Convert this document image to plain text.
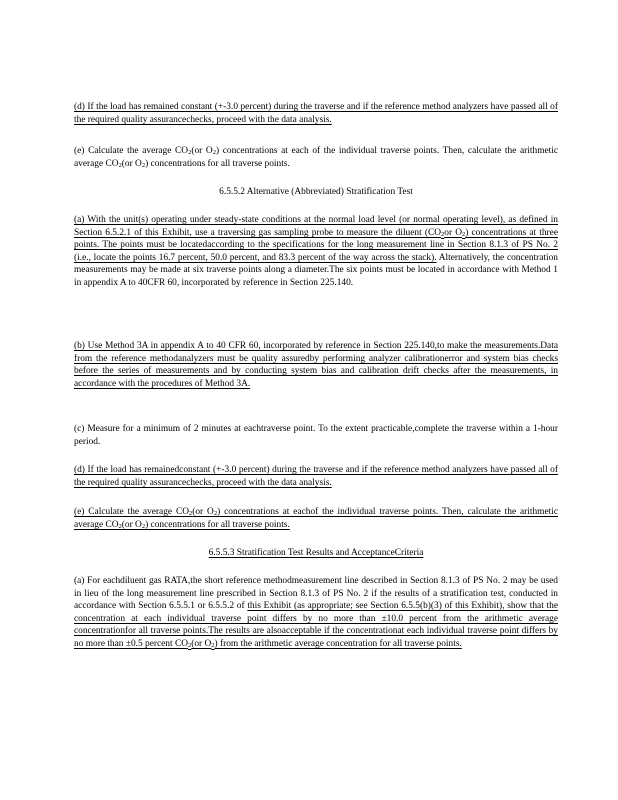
(d) If the load has remained constant (+-3.0 percent) during the traverse and if the reference method analyzers have passed all of the required quality assurancechecks, proceed with the data analysis.
(e) Calculate the average $CO_2(or$ $O_2$) concentrations at each of the individual traverse points. Then, calculate the arithmetic average $CO_2(or$ $O_2$) concentrations for all traverse points.
6.5.5.2 Alternative (Abbreviated) Stratification Test
(a) With the unit(s) operating under steady-state conditions at the normal load level (or normal operating level), as defined in Section 6.5.2.1 of this Exhibit, use a traversing gas sampling probe to measure the diluent ($CO_2or$ $O_2$) concentrations at three points. The points must be locatedaccording to the specifications for the long measurement line in Section 8.1.3 of PS No. 2 (i.e., locate the points 16.7 percent, 50.0 percent, and 83.3 percent of the way across the stack). Alternatively, the concentration measurements may be made at six traverse points along a diameter.The six points must be located in accordance with Method 1 in appendix A to 40CFR 60, incorporated by reference in Section 225.140.
(b) Use Method 3A in appendix A to 40 CFR 60, incorporated by reference in Section 225.140,to make the measurements.Data from the reference methodanalyzers must be quality assuredby performing analyzer calibrationerror and system bias checks before the series of measurements and by conducting system bias and calibration drift checks after the measurements, in accordance with the procedures of Method 3A.
(c) Measure for a minimum of 2 minutes at eachtraverse point. To the extent practicable,complete the traverse within a 1-hour period.
(d) If the load has remainedconstant (+-3.0 percent) during the traverse and if the reference method analyzers have passed all of the required quality assurancechecks, proceed with the data analysis.
(e) Calculate the average $CO_2(or$ $O_2$) concentrations at eachof the individual traverse points. Then, calculate the arithmetic average $CO_2(or$ $O_2$) concentrations for all traverse points.
6.5.5.3 Stratification Test Results and AcceptanceCriteria
(a) For eachdiluent gas RATA,the short reference methodmeasurement line described in Section 8.1.3 of PS No. 2 may be used in lieu of the long measurement line prescribed in Section 8.1.3 of PS No. 2 if the results of a stratification test, conducted in accordance with Section 6.5.5.1 or 6.5.5.2 of this Exhibit (as appropriate; see Section 6.5.5(b)(3) of this Exhibit), show that the concentration at each individual traverse point differs by no more than ±10.0 percent from the arithmetic average concentrationfor all traverse points.The results are alsoacceptable if the concentrationat each individual traverse point differs by no more than ±0.5 percent $CO_2(or$ $O_2$) from the arithmetic average concentration for all traverse points.
